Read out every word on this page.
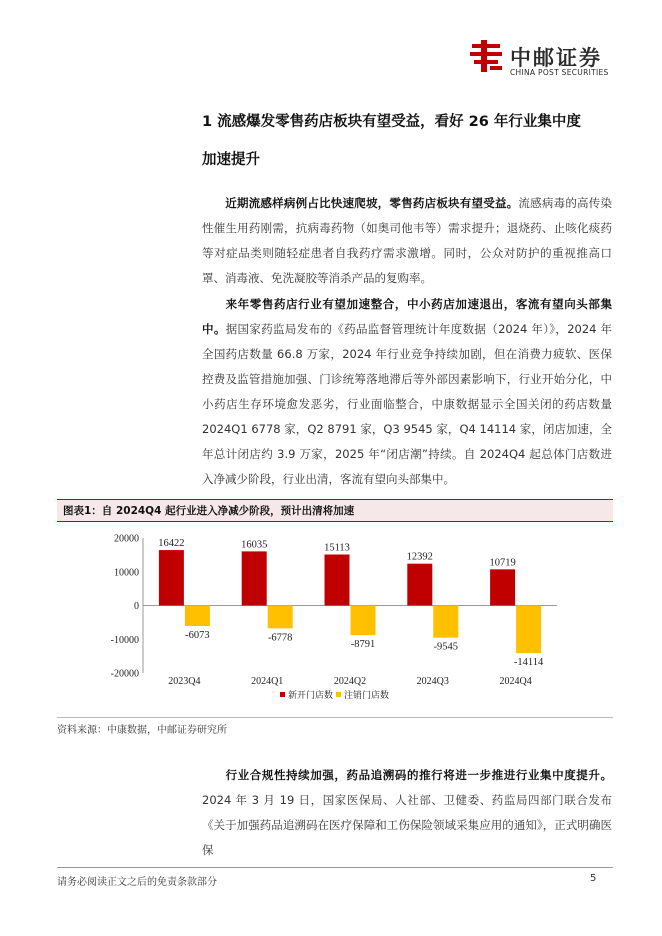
中邮证券
CHINA POST SECURITIES
1 流感爆发零售药店板块有望受益，看好 26 年行业集中度
加速提升

近期流感样病例占比快速爬坡，零售药店板块有望受益。流感病毒的高传染性催生用药刚需，抗病毒药物（如奥司他韦等）需求提升；退烧药、止咳化痰药等对症品类则随轻症患者自我药疗需求激增。同时，公众对防护的重视推高口罩、消毒液、免洗凝胶等消杀产品的复购率。

来年零售药店行业有望加速整合，中小药店加速退出，客流有望向头部集中。据国家药监局发布的《药品监督管理统计年度数据（2024 年）》，2024 年全国药店数量 66.8 万家，2024 年行业竞争持续加剧，但在消费力疲软、医保控费及监管措施加强、门诊统筹落地滞后等外部因素影响下，行业开始分化，中小药店生存环境愈发恶劣，行业面临整合，中康数据显示全国关闭的药店数量 2024Q1 6778 家，Q2 8791 家，Q3 9545 家，Q4 14114 家，闭店加速，全年总计闭店约 3.9 万家，2025 年“闭店潮”持续。自 2024Q4 起总体门店数进入净减少阶段，行业出清，客流有望向头部集中。

图表1：自 2024Q4 起行业进入净减少阶段，预计出清将加速
20000
10000
0
-10000
-20000
16422
-6073
2023Q4
16035
-6778
2024Q1
15113
-8791
2024Q2
12392
-9545
2024Q3
10719
-14114
2024Q4
新开门店数 注销门店数
资料来源：中康数据，中邮证券研究所

行业合规性持续加强，药品追溯码的推行将进一步推进行业集中度提升。2024 年 3 月 19 日，国家医保局、人社部、卫健委、药监局四部门联合发布《关于加强药品追溯码在医疗保障和工伤保险领域采集应用的通知》，正式明确医保

请务必阅读正文之后的免责条款部分	5
